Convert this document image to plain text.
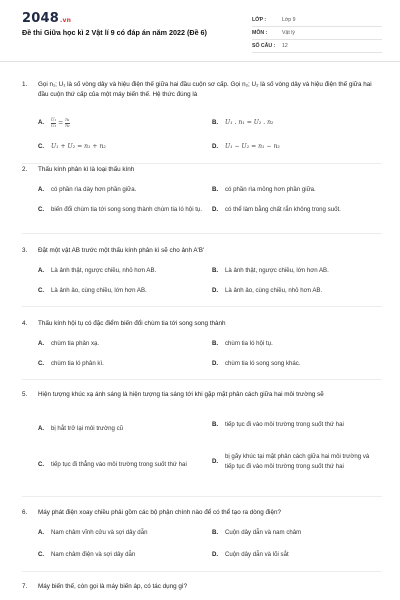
2048.vn
Đề thi Giữa học kì 2 Vật lí 9 có đáp án năm 2022 (Đề 6)
LỚP :	Lớp 9
MÔN :	Vật lý
SỐ CÂU :	12
1.	Gọi n₁; U₁ là số vòng dây và hiệu điện thế giữa hai đầu cuộn sơ cấp. Gọi n₂; U₂ là số vòng dây và hiệu điện thế giữa hai đầu cuộn thứ cấp của một máy biến thế. Hệ thức đúng là
A.	$\frac{\text{U₁}}{\text{U₂}} = \frac{\text{n₁}}{\text{n₂}}$	B.	U₁ . n₁ = U₂ . n₂
C.	U₁ + U₂ = n₁ + n₂	D.	U₁ − U₂ = n₁ − n₂
2.	Thấu kính phân kì là loại thấu kính
A.	có phần rìa dày hơn phần giữa.	B.	có phần rìa mỏng hơn phần giữa.
C.	biến đổi chùm tia tới song song thành chùm tia ló hội tụ. D.	có thể làm bằng chất rắn không trong suốt.
3.	Đặt một vật AB trước một thấu kính phân kì sẽ cho ảnh A'B'
A.	Là ảnh thật, ngược chiều, nhỏ hơn AB.	B.	Là ảnh thật, ngược chiều, lớn hơn AB.
C.	Là ảnh ảo, cùng chiều, lớn hơn AB.	D.	Là ảnh ảo, cùng chiều, nhỏ hơn AB.
4.	Thấu kính hội tụ có đặc điểm biến đổi chùm tia tới song song thành
A.	chùm tia phản xạ.	B.	chùm tia ló hội tụ.
C.	chùm tia ló phân kì.	D.	chùm tia ló song song khác.
5.	Hiện tượng khúc xạ ánh sáng là hiện tượng tia sáng tới khi gặp mặt phân cách giữa hai môi trường sẽ
A.	bị hắt trở lại môi trường cũ
B.	tiếp tục đi vào môi trường trong suốt thứ hai
C.	tiếp tục đi thẳng vào môi trường trong suốt thứ hai	D.
bị gãy khúc tại mặt phân cách giữa hai môi trường và tiếp tục đi vào môi trường trong suốt thứ hai
6.	Máy phát điện xoay chiều phải gồm các bộ phận chính nào để có thể tạo ra dòng điện?
A.	Nam châm vĩnh cửu và sợi dây dẫn	B.	Cuộn dây dẫn và nam châm
C.	Nam châm điện và sợi dây dẫn	D.	Cuộn dây dẫn và lõi sắt
7.	Máy biến thế, còn gọi là máy biến áp, có tác dụng gì?
